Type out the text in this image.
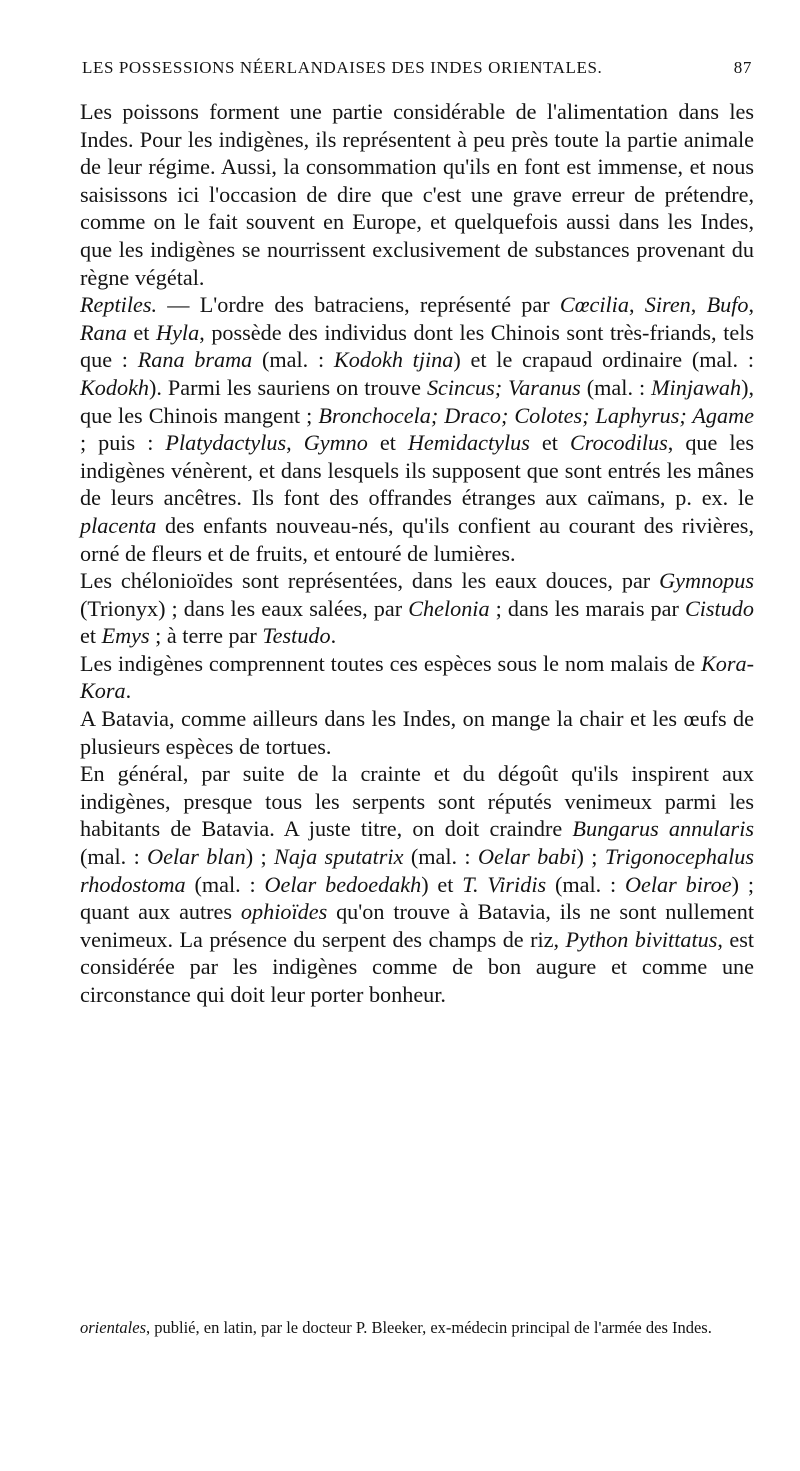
LES POSSESSIONS NÉERLANDAISES DES INDES ORIENTALES.	87

Les poissons forment une partie considérable de l'alimentation dans les Indes. Pour les indigènes, ils représentent à peu près toute la partie animale de leur régime. Aussi, la consommation qu'ils en font est immense, et nous saisissons ici l'occasion de dire que c'est une grave erreur de prétendre, comme on le fait souvent en Europe, et quelquefois aussi dans les Indes, que les indigènes se nourrissent exclusivement de substances provenant du règne végétal.

Reptiles. — L'ordre des batraciens, représenté par Cœcilia, Siren, Bufo, Rana et Hyla, possède des individus dont les Chinois sont très-friands, tels que : Rana brama (mal. : Kodokh tjina) et le crapaud ordinaire (mal. : Kodokh). Parmi les sauriens on trouve Scincus; Varanus (mal. : Minjawah), que les Chinois mangent ; Bronchocela; Draco; Colotes; Laphyrus; Agame ; puis : Platydactylus, Gymno et Hemidactylus et Crocodilus, que les indigènes vénèrent, et dans lesquels ils supposent que sont entrés les mânes de leurs ancêtres. Ils font des offrandes étranges aux caïmans, p. ex. le placenta des enfants nouveau-nés, qu'ils confient au courant des rivières, orné de fleurs et de fruits, et entouré de lumières.

Les chélonioïdes sont représentées, dans les eaux douces, par Gymnopus (Trionyx) ; dans les eaux salées, par Chelonia ; dans les marais par Cistudo et Emys ; à terre par Testudo.

Les indigènes comprennent toutes ces espèces sous le nom malais de Kora-Kora.

A Batavia, comme ailleurs dans les Indes, on mange la chair et les œufs de plusieurs espèces de tortues.

En général, par suite de la crainte et du dégoût qu'ils inspirent aux indigènes, presque tous les serpents sont réputés venimeux parmi les habitants de Batavia. A juste titre, on doit craindre Bungarus annularis (mal. : Oelar blan) ; Naja sputatrix (mal. : Oelar babi) ; Trigonocephalus rhodostoma (mal. : Oelar bedoedakh) et T. Viridis (mal. : Oelar biroe) ; quant aux autres ophioïdes qu'on trouve à Batavia, ils ne sont nullement venimeux. La présence du serpent des champs de riz, Python bivittatus, est considérée par les indigènes comme de bon augure et comme une circonstance qui doit leur porter bonheur.

orientales, publié, en latin, par le docteur P. Bleeker, ex-médecin principal de l'armée des Indes.
